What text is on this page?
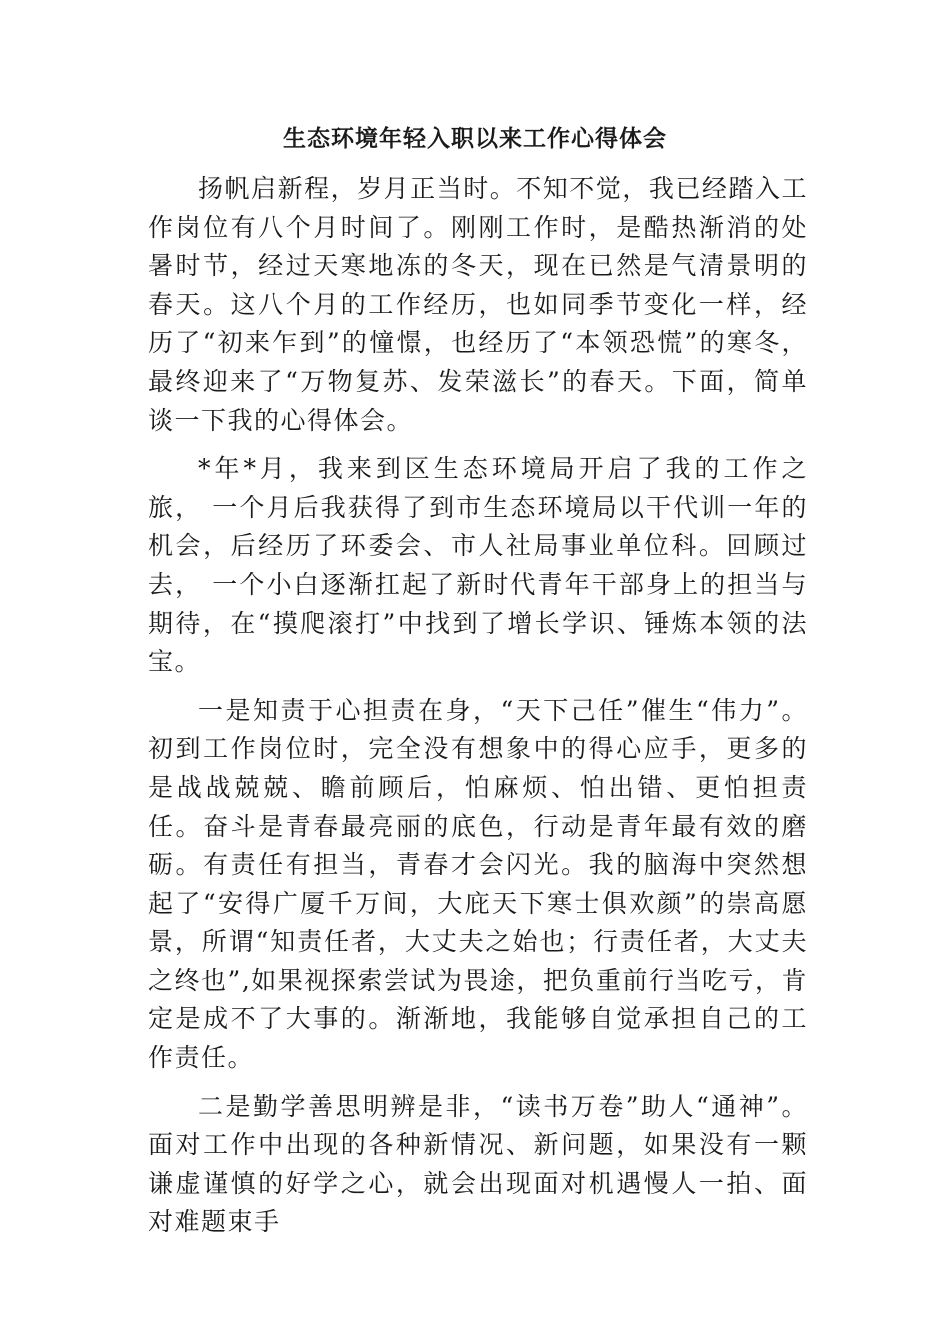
生态环境年轻入职以来工作心得体会

扬帆启新程，岁月正当时。不知不觉，我已经踏入工作岗位有八个月时间了。刚刚工作时，是酷热渐消的处暑时节，经过天寒地冻的冬天，现在已然是气清景明的春天。这八个月的工作经历，也如同季节变化一样，经历了“初来乍到”的憧憬，也经历了“本领恐慌”的寒冬，最终迎来了“万物复苏、发荣滋长”的春天。下面，简单谈一下我的心得体会。

*年*月，我来到区生态环境局开启了我的工作之旅， 一个月后我获得了到市生态环境局以干代训一年的机会，后经历了环委会、市人社局事业单位科。回顾过去， 一个小白逐渐扛起了新时代青年干部身上的担当与期待，在“摸爬滚打”中找到了增长学识、锤炼本领的法宝。

一是知责于心担责在身，“天下己任”催生“伟力”。初到工作岗位时，完全没有想象中的得心应手，更多的是战战兢兢、瞻前顾后，怕麻烦、怕出错、更怕担责任。奋斗是青春最亮丽的底色，行动是青年最有效的磨砺。有责任有担当，青春才会闪光。我的脑海中突然想起了“安得广厦千万间，大庇天下寒士俱欢颜”的崇高愿景，所谓“知责任者，大丈夫之始也；行责任者，大丈夫之终也”,如果视探索尝试为畏途，把负重前行当吃亏，肯定是成不了大事的。渐渐地，我能够自觉承担自己的工作责任。

二是勤学善思明辨是非，“读书万卷”助人“通神”。面对工作中出现的各种新情况、新问题，如果没有一颗谦虚谨慎的好学之心，就会出现面对机遇慢人一拍、面对难题束手
